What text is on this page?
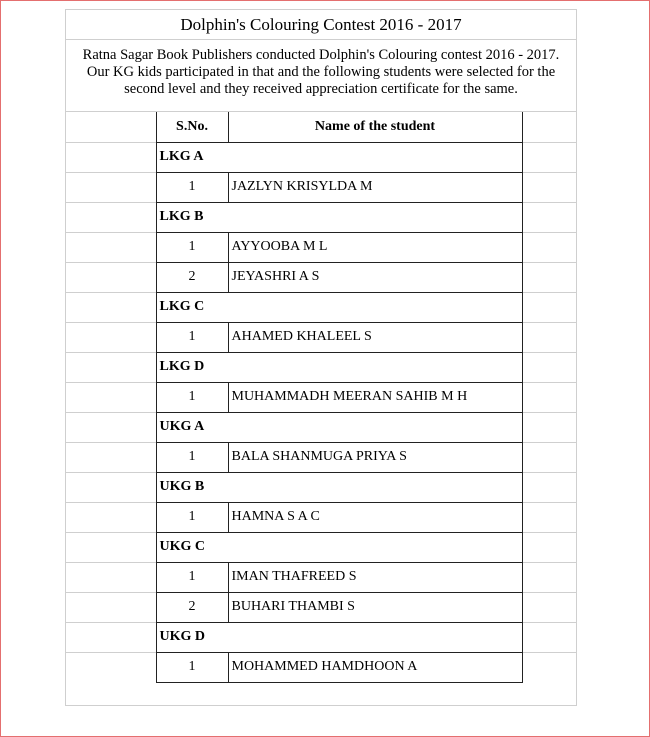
Dolphin's Colouring Contest 2016 - 2017
Ratna Sagar Book Publishers conducted Dolphin's Colouring contest 2016 - 2017. Our KG kids participated in that and the following students were selected for the second level and they received appreciation certificate for the same.
	S.No.	Name of the student	
	LKG A		
	1	JAZLYN KRISYLDA M	
	LKG B		
	1	AYYOOBA M L	
	2	JEYASHRI A S	
	LKG C		
	1	AHAMED KHALEEL S	
	LKG D		
	1	MUHAMMADH MEERAN SAHIB M H	
	UKG A		
	1	BALA SHANMUGA PRIYA S	
	UKG B		
	1	HAMNA S A C	
	UKG C		
	1	IMAN THAFREED S	
	2	BUHARI THAMBI S	
	UKG D		
	1	MOHAMMED HAMDHOON A	
